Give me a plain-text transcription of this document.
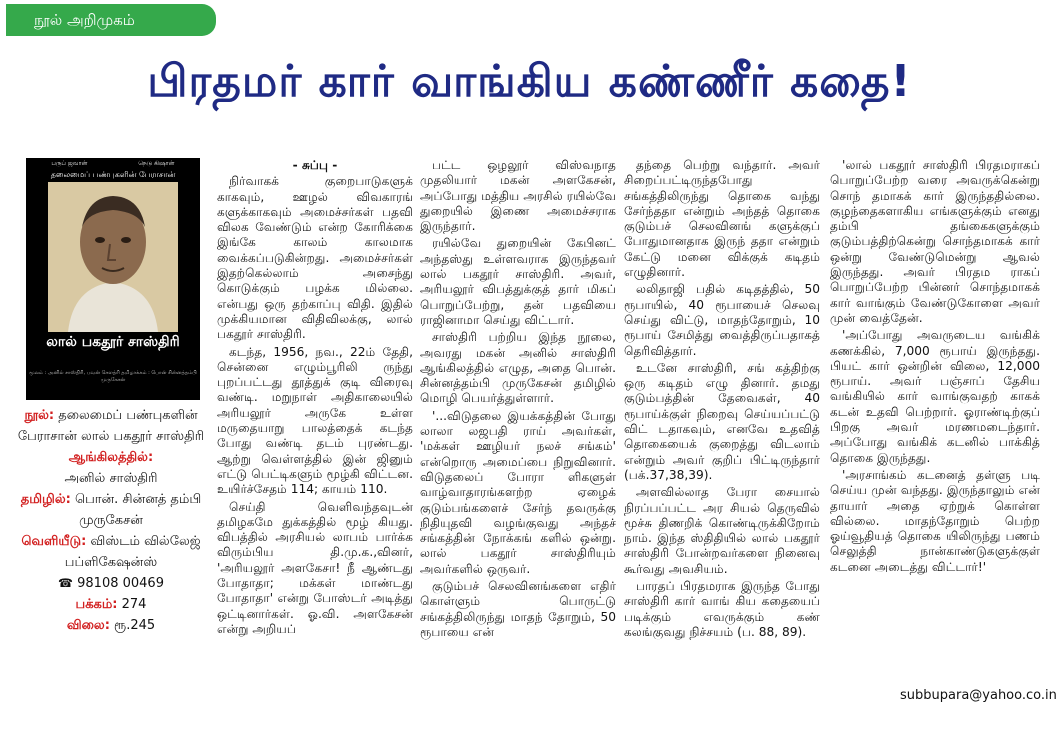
நூல் அறிமுகம்
பிரதமர் கார் வாங்கிய கண்ணீர் கதை!
பருப் ஜவான்	நெடு கிஷான்
தலைமைப் பண்புகளின் பேராசான்
லால் பகதூர் சாஸ்திரி
மூலம் : அனில் சாஸ்திரி, பவன் சௌத்ரி தமிழாக்கம் : பொன் சின்னத்தம்பி முருகேசன்
நூல்: தலைமைப் பண்புகளின் பேராசான் லால் பகதூர் சாஸ்திரி
ஆங்கிலத்தில்:
அனில் சாஸ்திரி
தமிழில்: பொன். சின்னத் தம்பி முருகேசன்
வெளியீடு: விஸ்டம் வில்லேஜ் பப்ளிகேஷன்ஸ்
☎ 98108 00469
பக்கம்: 274
விலை: ரூ.245

- சுப்பு -

நிர்வாகக் குறைபாடுகளுக் காகவும், ஊழல் விவகாரங் களுக்காகவும் அமைச்சர்கள் பதவி விலக வேண்டும் என்ற கோரிக்கை இங்கே காலம் காலமாக வைக்கப்படுகின்றது. அமைச்சர்கள் இதற்கெல்லாம் அசைந்து கொடுக்கும் பழக்க மில்லை. என்பது ஒரு தற்காப்பு விதி. இதில் முக்கியமான விதிவிலக்கு, லால் பகதூர் சாஸ்திரி.

கடந்த, 1956, நவ., 22ம் தேதி, சென்னை எழும்பூரிலி ருந்து புறப்பட்டது தூத்துக் குடி விரைவு வண்டி. மறுநாள் அதிகாலையில் அரியலூர் அருகே உள்ள மருதையாறு பாலத்தைக் கடந்த போது வண்டி தடம் புரண்டது. ஆற்று வெள்ளத்தில் இன் ஜினும் எட்டு பெட்டிகளும் மூழ்கி விட்டன. உயிர்ச்சேதம் 114; காயம் 110.

செய்தி வெளிவந்தவுடன் தமிழகமே துக்கத்தில் மூழ் கியது. விபத்தில் அரசியல் லாபம் பார்க்க விரும்பிய தி.மு.க.,வினர், 'அரியலூர் அளகேசா! நீ ஆண்டது போதாதா; மக்கள் மாண்டது போதாதா' என்று போஸ்டர் அடித்து ஒட்டினார்கள். ஓ.வி. அளகேசன் என்று அறியப்

பட்ட ஒழலூர் விஸ்வநாத முதலியார் மகன் அளகேசன், அப்போது மத்திய அரசில் ரயில்வே துறையில் இணை அமைச்சராக இருந்தார்.

ரயில்வே துறையின் கேபினட் அந்தஸ்து உள்ளவராக இருந்தவர் லால் பகதூர் சாஸ்திரி. அவர், அரியலூர் விபத்துக்குத் தார் மிகப் பொறுப்பேற்று, தன் பதவியை ராஜினாமா செய்து விட்டார்.

சாஸ்திரி பற்றிய இந்த நூலை, அவரது மகன் அனில் சாஸ்திரி ஆங்கிலத்தில் எழுத, அதை பொன். சின்னத்தம்பி முருகேசன் தமிழில் மொழி பெயர்த்துள்ளார்.

'...விடுதலை இயக்கத்தின் போது லாலா லஜபதி ராய் அவர்கள், 'மக்கள் ஊழியர் நலச் சங்கம்' என்றொரு அமைப்பை நிறுவினார். விடுதலைப் போரா ளிகளுள் வாழ்வாதாரங்களற்ற ஏழைக் குடும்பங்களைச் சேர்ந் தவருக்கு நிதியுதவி வழங்குவது அந்தச் சங்கத்தின் நோக்கங் களில் ஒன்று. லால் பகதூர் சாஸ்திரியும் அவர்களில் ஒருவர்.

குடும்பச் செலவினங்களை எதிர் கொள்ளும் பொருட்டு சங்கத்திலிருந்து மாதந் தோறும், 50 ரூபாயை என்

தந்தை பெற்று வந்தார். அவர் சிறைப்பட்டிருந்தபோது சங்கத்திலிருந்து தொகை வந்து சேர்ந்ததா என்றும் அந்தத் தொகை குடும்பச் செலவினங் களுக்குப் போதுமானதாக இருந் ததா என்றும் கேட்டு மனை விக்குக் கடிதம் எழுதினார்.

லலிதாஜி பதில் கடிதத்தில், 50 ரூபாயில், 40 ரூபாயைச் செலவு செய்து விட்டு, மாதந்தோறும், 10 ரூபாய் சேமித்து வைத்திருப்பதாகத் தெரிவித்தார்.

உடனே சாஸ்திரி, சங் கத்திற்கு ஒரு கடிதம் எழு தினார். தமது குடும்பத்தின் தேவைகள், 40 ரூபாய்க்குள் நிறைவு செய்யப்பட்டு விட் டதாகவும், எனவே உதவித் தொகையைக் குறைத்து விடலாம் என்றும் அவர் குறிப் பிட்டிருந்தார் (பக்.37,38,39).

அளவில்லாத பேரா சையால் நிரப்பப்பட்ட அர சியல் தெருவில் மூச்சு திணறிக் கொண்டிருக்கிறோம் நாம். இந்த ஸ்திதியில் லால் பகதூர் சாஸ்திரி போன்றவர்களை நினைவு கூர்வது அவசியம்.

பாரதப் பிரதமராக இருந்த போது சாஸ்திரி கார் வாங் கிய கதையைப் படிக்கும் எவருக்கும் கண் கலங்குவது நிச்சயம் (ப. 88, 89).

'லால் பகதூர் சாஸ்திரி பிரதமராகப் பொறுப்பேற்ற வரை அவருக்கென்று சொந் தமாகக் கார் இருந்ததில்லை. குழந்தைகளாகிய எங்களுக்கும் எனது தம்பி தங்கைகளுக்கும் குடும்பத்திற்கென்று சொந்தமாகக் கார் ஒன்று வேண்டுமென்று ஆவல் இருந்தது. அவர் பிரதம ராகப் பொறுப்பேற்ற பின்னர் சொந்தமாகக் கார் வாங்கும் வேண்டுகோளை அவர் முன் வைத்தேன்.

'அப்போது அவருடைய வங்கிக் கணக்கில், 7,000 ரூபாய் இருந்தது. பியட் கார் ஒன்றின் விலை, 12,000 ரூபாய். அவர் பஞ்சாப் தேசிய வங்கியில் கார் வாங்குவதற் காகக் கடன் உதவி பெற்றார். ஓராண்டிற்குப் பிறகு அவர் மரணமடைந்தார். அப்போது வங்கிக் கடனில் பாக்கித் தொகை இருந்தது.

'அரசாங்கம் கடனைத் தள்ளு படி செய்ய முன் வந்தது. இருந்தாலும் என் தாயார் அதை ஏற்றுக் கொள்ள வில்லை. மாதந்தோறும் பெற்ற ஓய்வூதியத் தொகை யிலிருந்து பணம் செலுத்தி நான்காண்டுகளுக்குள் கடனை அடைத்து விட்டார்!'

subbupara@yahoo.co.in
